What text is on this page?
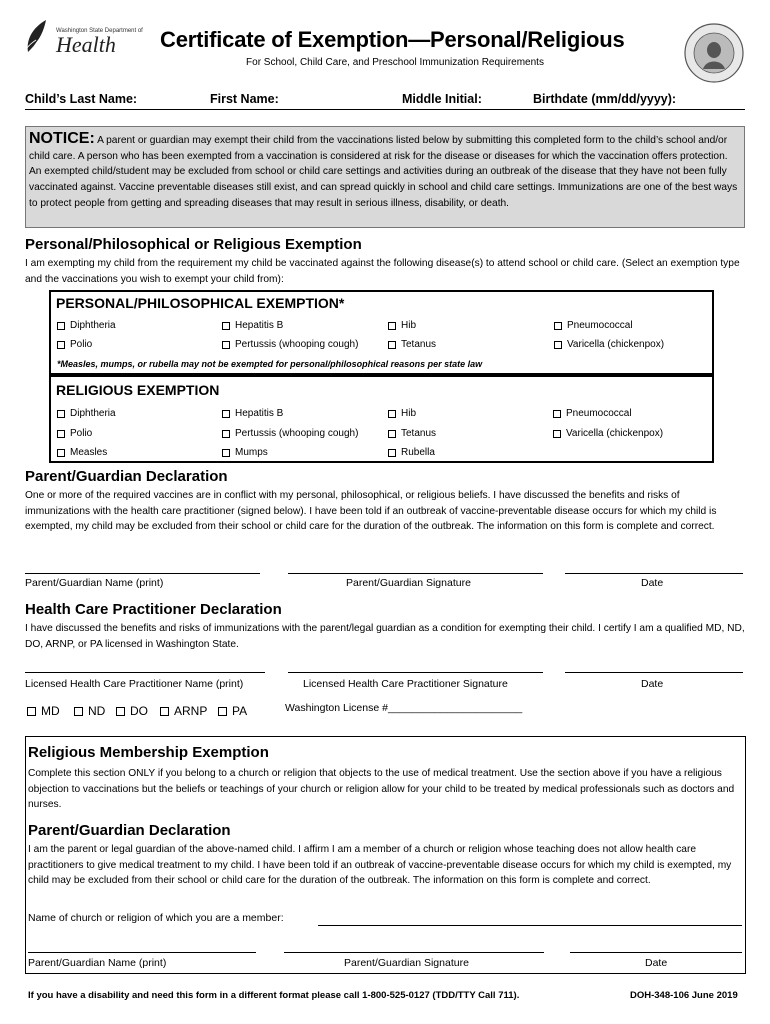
Washington State Department of
Health Certificate of Exemption—Personal/Religious
For School, Child Care, and Preschool Immunization Requirements
Child’s Last Name:	First Name:	Middle Initial:	Birthdate (mm/dd/yyyy):
NOTICE: A parent or guardian may exempt their child from the vaccinations listed below by submitting this completed form to the child’s school and/or child care. A person who has been exempted from a vaccination is considered at risk for the disease or diseases for which the vaccination offers protection. An exempted child/student may be excluded from school or child care settings and activities during an outbreak of the disease that they have not been fully vaccinated against. Vaccine preventable diseases still exist, and can spread quickly in school and child care settings. Immunizations are one of the best ways to protect people from getting and spreading diseases that may result in serious illness, disability, or death.
Personal/Philosophical or Religious Exemption
I am exempting my child from the requirement my child be vaccinated against the following disease(s) to attend school or child care. (Select an exemption type and the vaccinations you wish to exempt your child from):
PERSONAL/PHILOSOPHICAL EXEMPTION*
Diphtheria	Hepatitis B	Hib	Pneumococcal
Polio	Pertussis (whooping cough)	Tetanus	Varicella (chickenpox)
*Measles, mumps, or rubella may not be exempted for personal/philosophical reasons per state law
RELIGIOUS EXEMPTION
Diphtheria	Hepatitis B	Hib	Pneumococcal
Polio	Pertussis (whooping cough)	Tetanus	Varicella (chickenpox)
Measles	Mumps	Rubella
Parent/Guardian Declaration
One or more of the required vaccines are in conflict with my personal, philosophical, or religious beliefs. I have discussed the benefits and risks of immunizations with the health care practitioner (signed below). I have been told if an outbreak of vaccine-preventable disease occurs for which my child is exempted, my child may be excluded from their school or child care for the duration of the outbreak. The information on this form is complete and correct.
Parent/Guardian Name (print)	Parent/Guardian Signature	Date
Health Care Practitioner Declaration
I have discussed the benefits and risks of immunizations with the parent/legal guardian as a condition for exempting their child. I certify I am a qualified MD, ND, DO, ARNP, or PA licensed in Washington State.
Licensed Health Care Practitioner Name (print)	Licensed Health Care Practitioner Signature	Date
MD ND DO ARNP PA	Washington License #_______________________
Religious Membership Exemption
Complete this section ONLY if you belong to a church or religion that objects to the use of medical treatment. Use the section above if you have a religious objection to vaccinations but the beliefs or teachings of your church or religion allow for your child to be treated by medical professionals such as doctors and nurses.
Parent/Guardian Declaration
I am the parent or legal guardian of the above-named child. I affirm I am a member of a church or religion whose teaching does not allow health care practitioners to give medical treatment to my child. I have been told if an outbreak of vaccine-preventable disease occurs for which my child is exempted, my child may be excluded from their school or child care for the duration of the outbreak. The information on this form is complete and correct.
Name of church or religion of which you are a member:
Parent/Guardian Name (print)	Parent/Guardian Signature	Date
If you have a disability and need this form in a different format please call 1-800-525-0127 (TDD/TTY Call 711).	DOH-348-106 June 2019
